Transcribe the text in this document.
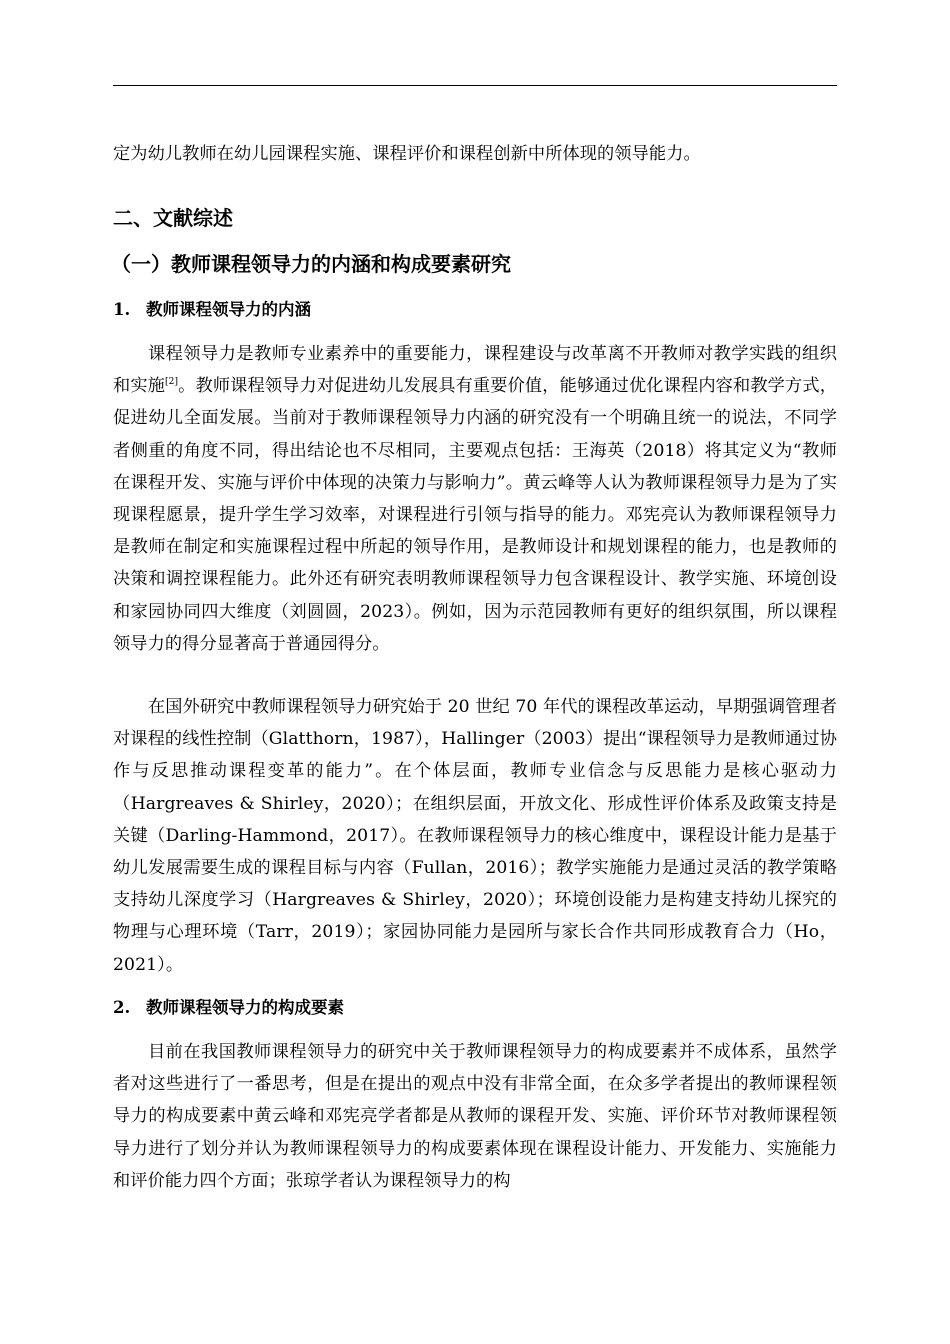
定为幼儿教师在幼儿园课程实施、课程评价和课程创新中所体现的领导能力。

二、文献综述
（一）教师课程领导力的内涵和构成要素研究
1. 教师课程领导力的内涵

课程领导力是教师专业素养中的重要能力，课程建设与改革离不开教师对教学实践的组织和实施[2]。教师课程领导力对促进幼儿发展具有重要价值，能够通过优化课程内容和教学方式，促进幼儿全面发展。当前对于教师课程领导力内涵的研究没有一个明确且统一的说法，不同学者侧重的角度不同，得出结论也不尽相同，主要观点包括：王海英（2018）将其定义为“教师在课程开发、实施与评价中体现的决策力与影响力”。黄云峰等人认为教师课程领导力是为了实现课程愿景，提升学生学习效率，对课程进行引领与指导的能力。邓宪亮认为教师课程领导力是教师在制定和实施课程过程中所起的领导作用，是教师设计和规划课程的能力，也是教师的决策和调控课程能力。此外还有研究表明教师课程领导力包含课程设计、教学实施、环境创设和家园协同四大维度（刘圆圆，2023）。例如，因为示范园教师有更好的组织氛围，所以课程领导力的得分显著高于普通园得分。

在国外研究中教师课程领导力研究始于 20 世纪 70 年代的课程改革运动，早期强调管理者对课程的线性控制（Glatthorn，1987），Hallinger（2003）提出“课程领导力是教师通过协作与反思推动课程变革的能力”。在个体层面，教师专业信念与反思能力是核心驱动力（Hargreaves & Shirley，2020）；在组织层面，开放文化、形成性评价体系及政策支持是关键（Darling-Hammond，2017）。在教师课程领导力的核心维度中，课程设计能力是基于幼儿发展需要生成的课程目标与内容（Fullan，2016）；教学实施能力是通过灵活的教学策略支持幼儿深度学习（Hargreaves & Shirley，2020）；环境创设能力是构建支持幼儿探究的物理与心理环境（Tarr，2019）；家园协同能力是园所与家长合作共同形成教育合力（Ho，2021）。

2. 教师课程领导力的构成要素

目前在我国教师课程领导力的研究中关于教师课程领导力的构成要素并不成体系，虽然学者对这些进行了一番思考，但是在提出的观点中没有非常全面，在众多学者提出的教师课程领导力的构成要素中黄云峰和邓宪亮学者都是从教师的课程开发、实施、评价环节对教师课程领导力进行了划分并认为教师课程领导力的构成要素体现在课程设计能力、开发能力、实施能力和评价能力四个方面；张琼学者认为课程领导力的构
